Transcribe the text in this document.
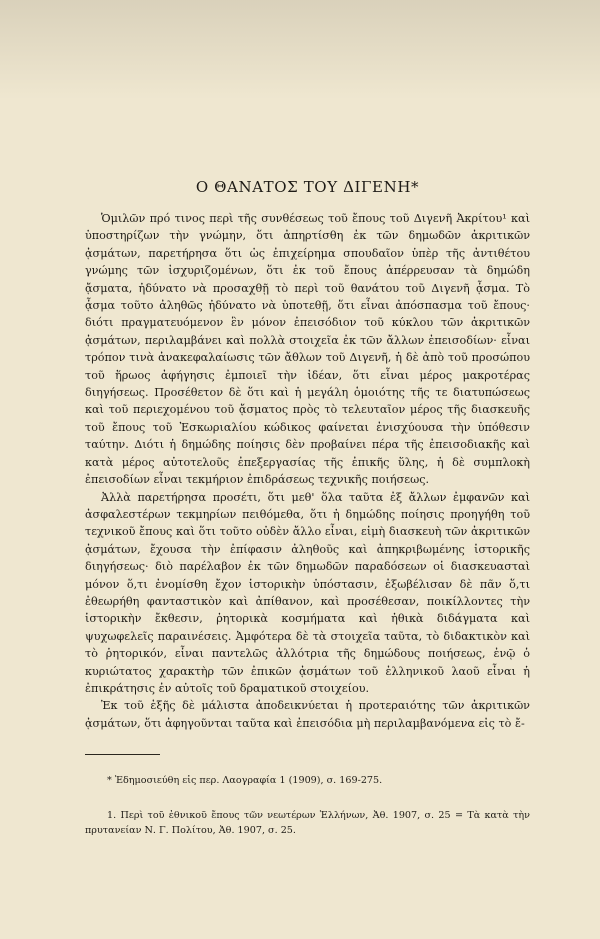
Ο ΘΑΝΑΤΟΣ ΤΟΥ ΔΙΓΕΝΗ*

Ὁμιλῶν πρό τινος περὶ τῆς συνθέσεως τοῦ ἔπους τοῦ Διγενῆ Ἀκρίτου¹ καὶ ὑποστηρίζων τὴν γνώμην, ὅτι ἀπηρτίσθη ἐκ τῶν δημωδῶν ἀκριτικῶν ᾀσμάτων, παρετήρησα ὅτι ὡς ἐπιχείρημα σπουδαῖον ὑπὲρ τῆς ἀντιθέτου γνώμης τῶν ἰσχυριζομένων, ὅτι ἐκ τοῦ ἔπους ἀπέρρευσαν τὰ δημώδη ᾄσματα, ἠδύνατο νὰ προσαχθῇ τὸ περὶ τοῦ θανάτου τοῦ Διγενῆ ᾆσμα. Τὸ ᾆσμα τοῦτο ἀληθῶς ἠδύνατο νὰ ὑποτεθῇ, ὅτι εἶναι ἀπόσπασμα τοῦ ἔπους· διότι πραγματευόμενον ἓν μόνον ἐπεισόδιον τοῦ κύκλου τῶν ἀκριτικῶν ᾀσμάτων, περιλαμβάνει καὶ πολλὰ στοιχεῖα ἐκ τῶν ἄλλων ἐπεισοδίων· εἶναι τρόπον τινὰ ἀνακεφαλαίωσις τῶν ἄθλων τοῦ Διγενῆ, ἡ δὲ ἀπὸ τοῦ προσώπου τοῦ ἥρωος ἀφήγησις ἐμποιεῖ τὴν ἰδέαν, ὅτι εἶναι μέρος μακροτέρας διηγήσεως. Προσέθετον δὲ ὅτι καὶ ἡ μεγάλη ὁμοιότης τῆς τε διατυπώσεως καὶ τοῦ περιεχομένου τοῦ ᾄσματος πρὸς τὸ τελευταῖον μέρος τῆς διασκευῆς τοῦ ἔπους τοῦ Ἐσκωριαλίου κώδικος φαίνεται ἐνισχύουσα τὴν ὑπόθεσιν ταύτην. Διότι ἡ δημώδης ποίησις δὲν προβαίνει πέρα τῆς ἐπεισοδιακῆς καὶ κατὰ μέρος αὐτοτελοῦς ἐπεξεργασίας τῆς ἐπικῆς ὕλης, ἡ δὲ συμπλοκὴ ἐπεισοδίων εἶναι τεκμήριον ἐπιδράσεως τεχνικῆς ποιήσεως.

Ἀλλὰ παρετήρησα προσέτι, ὅτι μεθ' ὅλα ταῦτα ἐξ ἄλλων ἐμφανῶν καὶ ἀσφαλεστέρων τεκμηρίων πειθόμεθα, ὅτι ἡ δημώδης ποίησις προηγήθη τοῦ τεχνικοῦ ἔπους καὶ ὅτι τοῦτο οὐδὲν ἄλλο εἶναι, εἰμὴ διασκευὴ τῶν ἀκριτικῶν ᾀσμάτων, ἔχουσα τὴν ἐπίφασιν ἀληθοῦς καὶ ἀπηκριβωμένης ἱστορικῆς διηγήσεως· διὸ παρέλαβον ἐκ τῶν δημωδῶν παραδόσεων οἱ διασκευασταὶ μόνον ὅ,τι ἐνομίσθη ἔχον ἱστορικὴν ὑπόστασιν, ἐξωβέλισαν δὲ πᾶν ὅ,τι ἐθεωρήθη φανταστικὸν καὶ ἀπίθανον, καὶ προσέθεσαν, ποικίλλοντες τὴν ἱστορικὴν ἔκθεσιν, ῥητορικὰ κοσμήματα καὶ ἠθικὰ διδάγματα καὶ ψυχωφελεῖς παραινέσεις. Ἀμφότερα δὲ τὰ στοιχεῖα ταῦτα, τὸ διδακτικὸν καὶ τὸ ῥητορικόν, εἶναι παντελῶς ἀλλότρια τῆς δημώδους ποιήσεως, ἐνῷ ὁ κυριώτατος χαρακτὴρ τῶν ἐπικῶν ᾀσμάτων τοῦ ἑλληνικοῦ λαοῦ εἶναι ἡ ἐπικράτησις ἐν αὐτοῖς τοῦ δραματικοῦ στοιχείου.

Ἐκ τοῦ ἑξῆς δὲ μάλιστα ἀποδεικνύεται ἡ προτεραιότης τῶν ἀκριτικῶν ᾀσμάτων, ὅτι ἀφηγοῦνται ταῦτα καὶ ἐπεισόδια μὴ περιλαμβανόμενα εἰς τὸ ἔ-

* Ἐδημοσιεύθη εἰς περ. Λαογραφία 1 (1909), σ. 169-275.

1. Περὶ τοῦ ἐθνικοῦ ἔπους τῶν νεωτέρων Ἑλλήνων, Ἀθ. 1907, σ. 25 = Τὰ κατὰ τὴν πρυτανείαν Ν. Γ. Πολίτου, Ἀθ. 1907, σ. 25.
